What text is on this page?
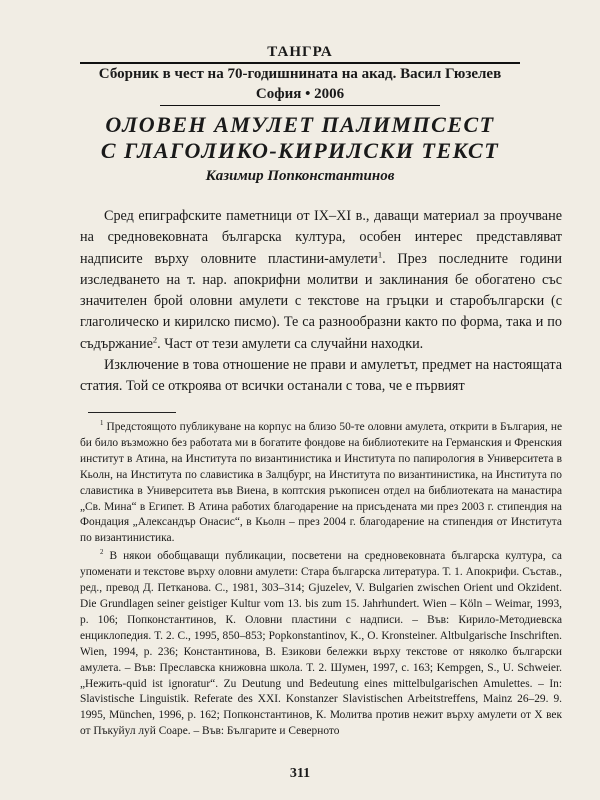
ТАНГРА
Сборник в чест на 70-годишнината на акад. Васил Гюзелев
София • 2006
ОЛОВЕН АМУЛЕТ ПАЛИМПСЕСТ
С ГЛАГОЛИКО-КИРИЛСКИ ТЕКСТ
Казимир Попконстантинов

Сред епиграфските паметници от IX–XI в., даващи материал за проучване на средновековната българска култура, особен интерес представляват надписите върху оловните пластини-амулети$^1$. През последните години изследването на т. нар. апокрифни молитви и заклинания бе обогатено със значителен брой оловни амулети с текстове на гръцки и старобългарски (с глаголическо и кирилско писмо). Те са разнообразни както по форма, така и по съдържание$^2$. Част от тези амулети са случайни находки.

Изключение в това отношение не прави и амулетът, предмет на настоящата статия. Той се откроява от всички останали с това, че е първият

$^1$ Предстоящото публикуване на корпус на близо 50-те оловни амулета, открити в България, не би било възможно без работата ми в богатите фондове на библиотеките на Германския и Френския институт в Атина, на Института по византинистика и Института по папирология в Университета в Кьолн, на Института по славистика в Залцбург, на Института по византинистика, на Института по славистика в Университета във Виена, в коптския ръкописен отдел на библиотеката на манастира „Св. Мина“ в Египет. В Атина работих благодарение на присъдената ми през 2003 г. стипендия на Фондация „Александър Онасис“, в Кьолн – през 2004 г. благодарение на стипендия от Института по византинистика.

$^2$ В някои обобщаващи публикации, посветени на средновековната българска култура, са упоменати и текстове върху оловни амулети: Стара българска литература. Т. 1. Апокрифи. Състав., ред., превод Д. Петканова. С., 1981, 303–314; Gjuzelev, V. Bulgarien zwischen Orient und Okzident. Die Grundlagen seiner geistiger Kultur vom 13. bis zum 15. Jahrhundert. Wien – Köln – Weimar, 1993, p. 106; Попконстантинов, К. Оловни пластини с надписи. – Във: Кирило-Методиевска енциклопедия. Т. 2. С., 1995, 850–853; Popkonstantinov, K., O. Kronsteiner. Altbulgarische Inschriften. Wien, 1994, p. 236; Константинова, В. Езикови бележки върху текстове от няколко български амулета. – Във: Преславска книжовна школа. Т. 2. Шумен, 1997, с. 163; Kempgen, S., U. Schweier. „Нежить-quid ist ignoratur“. Zu Deutung und Bedeutung eines mittelbulgarischen Amulettes. – In: Slavistische Linguistik. Referate des XXI. Konstanzer Slavistischen Arbeitstreffens, Mainz 26–29. 9. 1995, München, 1996, p. 162; Попконстантинов, К. Молитва против нежит върху амулети от X век от Пъкуйул луй Соаре. – Във: Българите и Северното

311
